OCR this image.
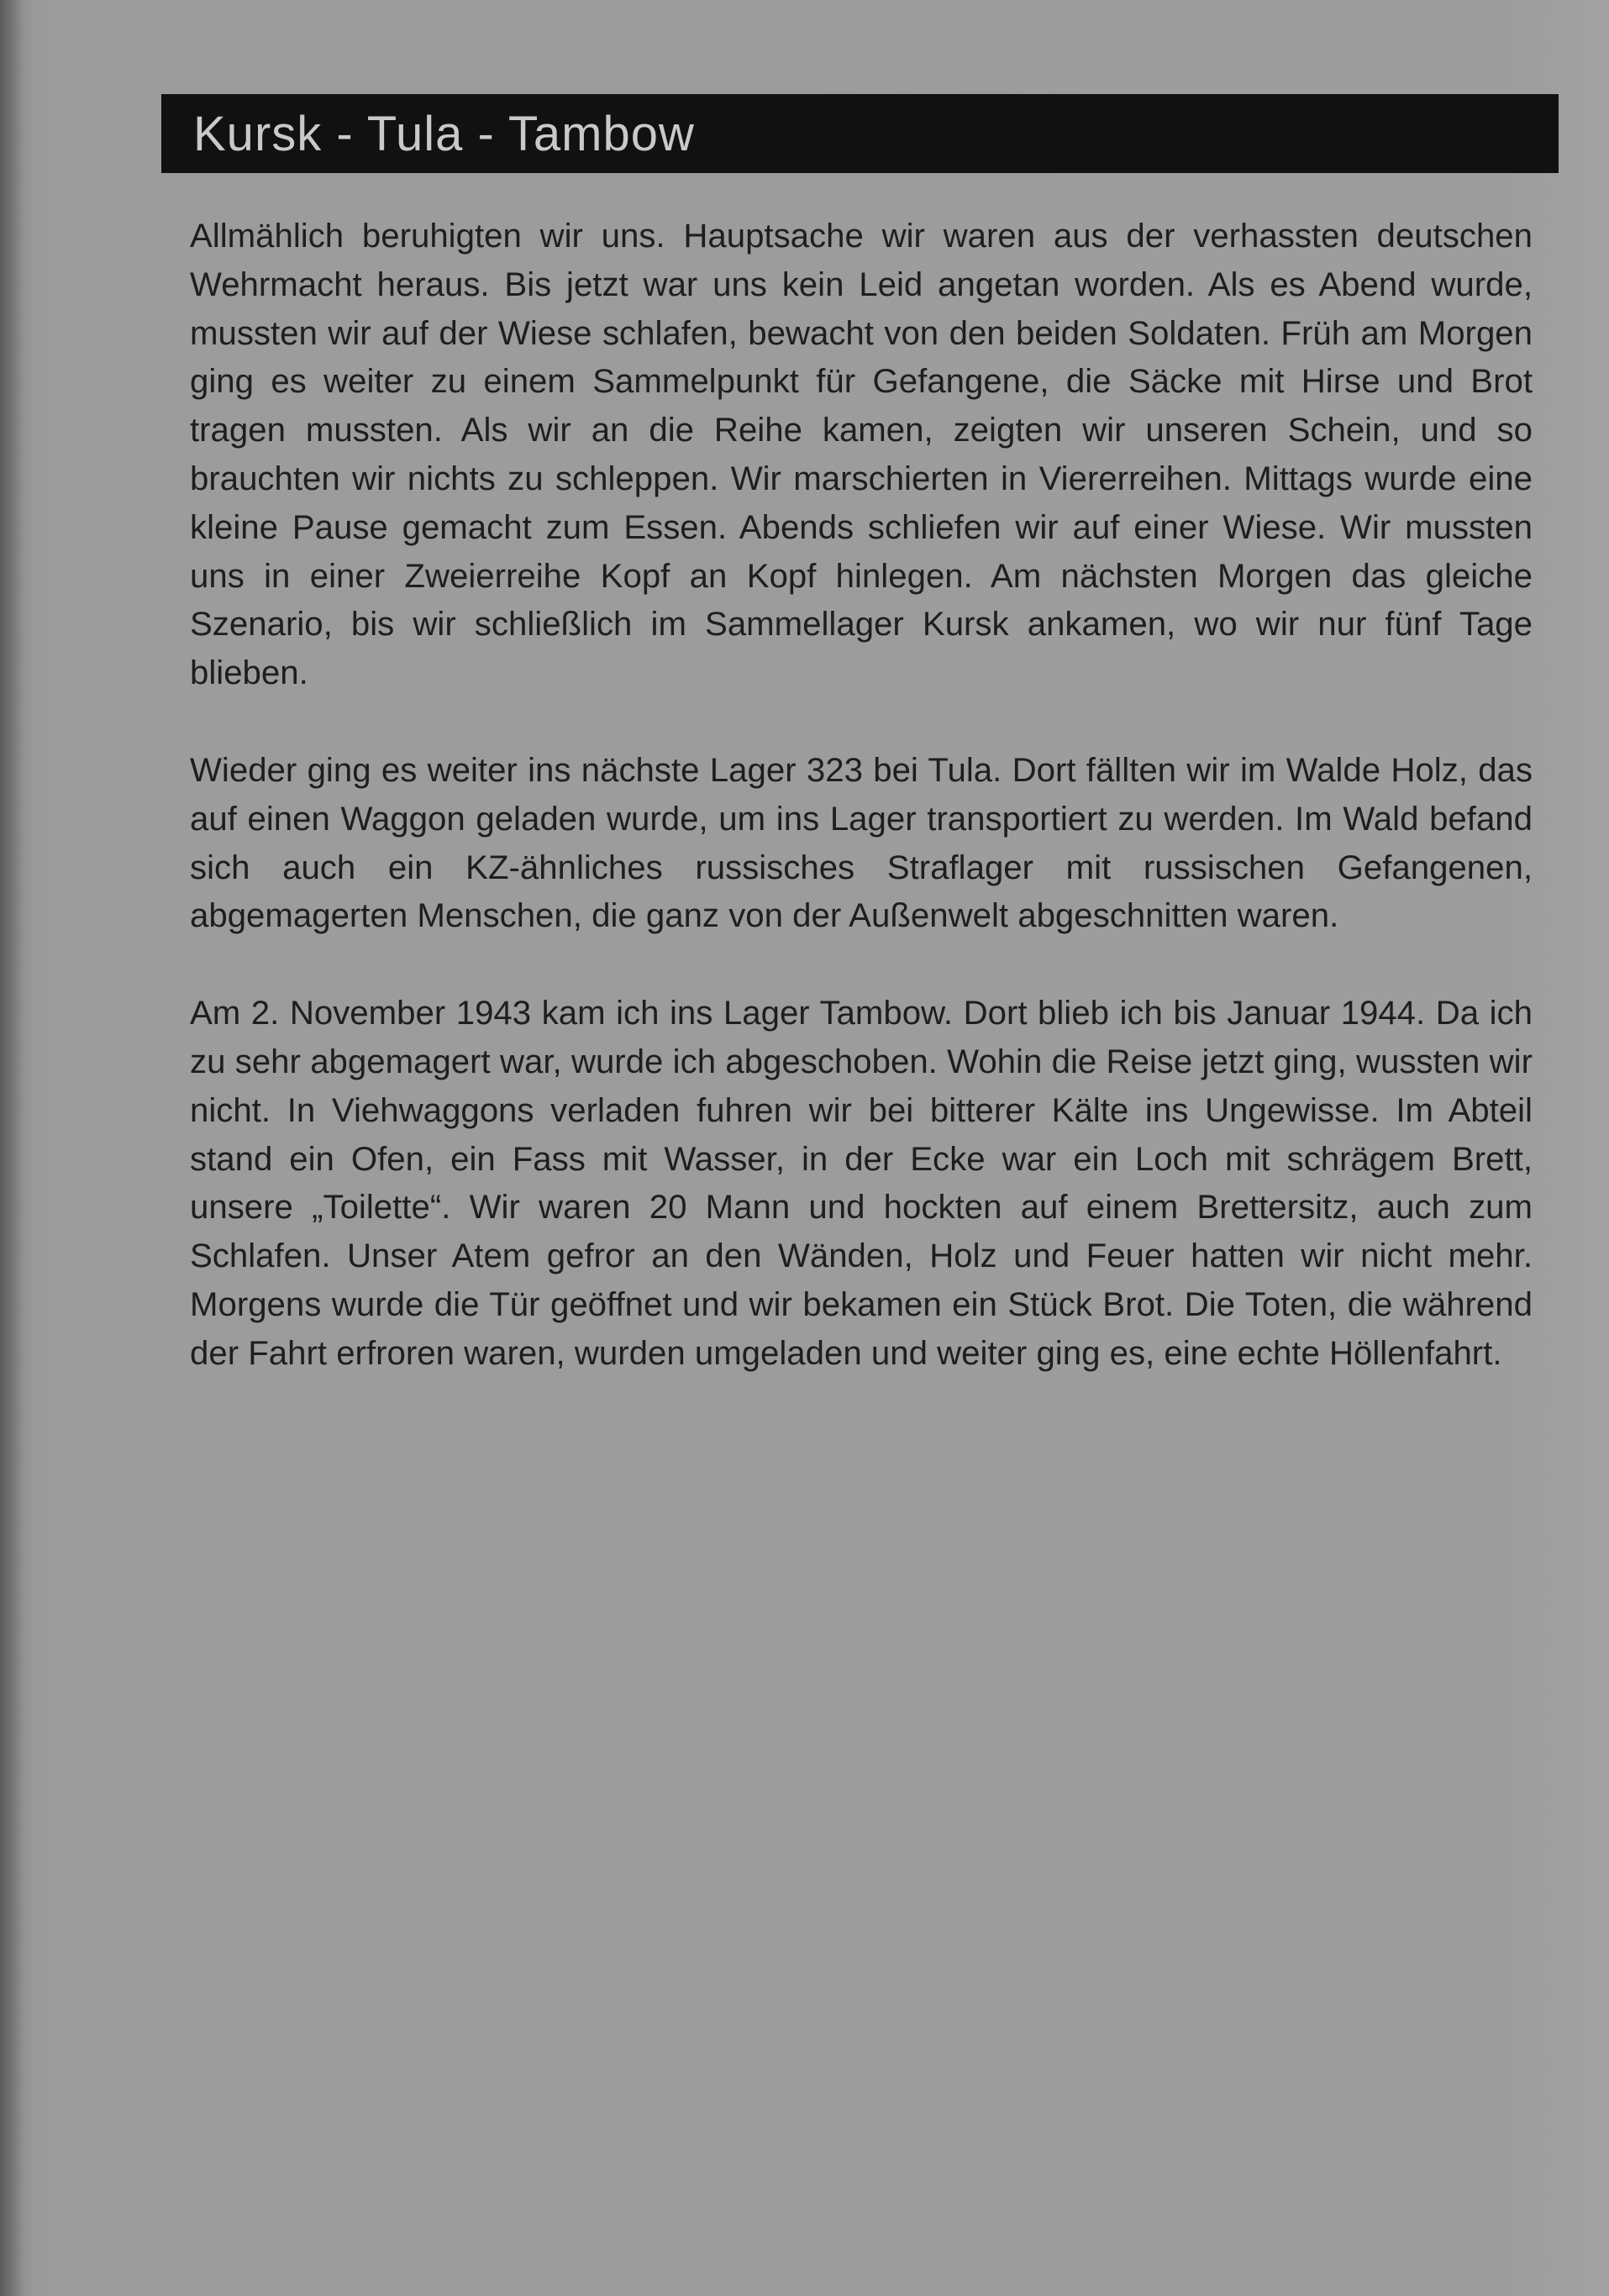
Kursk - Tula - Tambow

Allmählich beruhigten wir uns. Hauptsache wir waren aus der verhassten deutschen Wehrmacht heraus. Bis jetzt war uns kein Leid angetan worden. Als es Abend wurde, mussten wir auf der Wiese schlafen, bewacht von den beiden Soldaten. Früh am Morgen ging es weiter zu einem Sammelpunkt für Gefangene, die Säcke mit Hirse und Brot tragen mussten. Als wir an die Reihe kamen, zeigten wir unseren Schein, und so brauchten wir nichts zu schleppen. Wir marschierten in Viererreihen. Mittags wurde eine kleine Pause gemacht zum Essen. Abends schliefen wir auf einer Wiese. Wir mussten uns in einer Zweierreihe Kopf an Kopf hinlegen. Am nächsten Morgen das gleiche Szenario, bis wir schließlich im Sammellager Kursk ankamen, wo wir nur fünf Tage blieben.

Wieder ging es weiter ins nächste Lager 323 bei Tula. Dort fällten wir im Walde Holz, das auf einen Waggon geladen wurde, um ins Lager transportiert zu werden. Im Wald befand sich auch ein KZ-ähnliches russisches Straflager mit russischen Gefangenen, abgemagerten Menschen, die ganz von der Außenwelt abgeschnitten waren.

Am 2. November 1943 kam ich ins Lager Tambow. Dort blieb ich bis Januar 1944. Da ich zu sehr abgemagert war, wurde ich abgeschoben. Wohin die Reise jetzt ging, wussten wir nicht. In Viehwaggons verladen fuhren wir bei bitterer Kälte ins Ungewisse. Im Abteil stand ein Ofen, ein Fass mit Wasser, in der Ecke war ein Loch mit schrägem Brett, unsere „Toilette“. Wir waren 20 Mann und hockten auf einem Brettersitz, auch zum Schlafen. Unser Atem gefror an den Wänden, Holz und Feuer hatten wir nicht mehr. Morgens wurde die Tür geöffnet und wir bekamen ein Stück Brot. Die Toten, die während der Fahrt erfroren waren, wurden umgeladen und weiter ging es, eine echte Höllenfahrt.
